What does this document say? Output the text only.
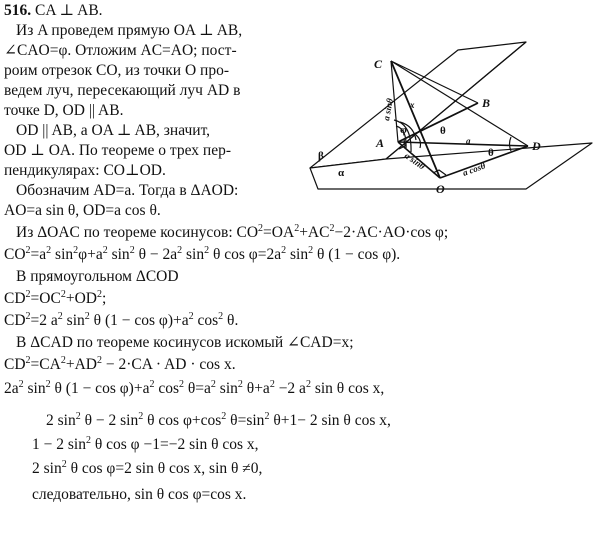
516. CA ⊥ AB.
Из A проведем прямую OA ⊥ AB,
∠CAO=φ. Отложим AC=AO; пост-
роим отрезок CO, из точки O про-
ведем луч, пересекающий луч AD в
точке D, OD || AB.
OD || AB, а OA ⊥ AB, значит,
OD ⊥ OA. По теореме о трех пер-
пендикулярах: CO⊥OD.
Обозначим AD=a. Тогда в ΔAOD:
AO=a sin θ, OD=a cos θ.
Из ΔOAC по теореме косинусов: $CO^2=OA^2+AC^2-2\cdot AC\cdot AO\cdot\cos$ φ;
$CO^2=a^2$ $\sin^2\varphi+a^2$ $\sin^2 \theta - 2a^2$ $\sin^2 \theta$ $\cos \varphi=2a^2$ $\sin^2 \theta$ (1 − cos φ).
В прямоугольном ΔCOD
$CD^2=OC^2+OD^2$;
$CD^2=2$ $a^2$ $\sin^2 \theta$ $(1 - \cos \varphi)+a^2$ $\cos^2 \theta$.
В ΔCAD по теореме косинусов искомый ∠CAD=x;
$CD^2=CA^2+AD^2 - 2\cdot CA$ · AD · cos x.
$2a^2$ $\sin^2 \theta$ $(1 - \cos \varphi)+a^2$ $\cos^2 \theta=a^2$ $\sin^2 \theta+a^2 -2$ $a^2$ sin θ cos x,
2 $\sin^2 \theta - 2$ $\sin^2 \theta$ $\cos \varphi+\cos^2$ $\theta=\sin^2$ θ+1− 2 sin θ cos x,
1 − 2 $\sin^2 \theta$ cos φ −1=−2 sin θ cos x,
2 $\sin^2 \theta$ cos φ=2 sin θ cos x, sin θ ≠0,
следовательно, sin θ cos φ=cos x.
C
A
B
D
O
β
α
φ	θ
θ
x
a
a sinθ
a sinθ	a cosθ
